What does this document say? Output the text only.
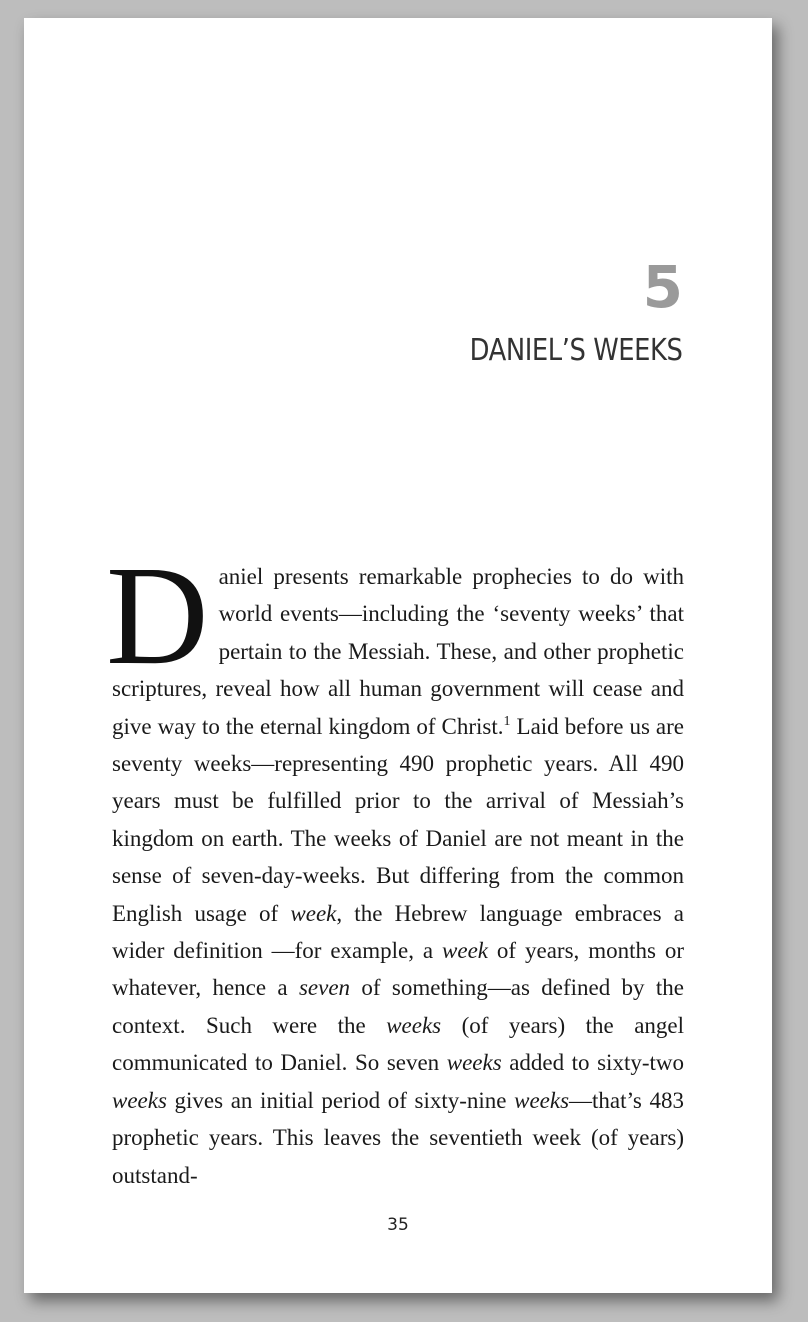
5
DANIEL’S WEEKS

Daniel presents remarkable prophecies to do with world events—including the ‘seventy weeks’ that pertain to the Messiah. These, and other prophetic scriptures, reveal how all human government will cease and give way to the eternal kingdom of Christ.$^1$ Laid before us are seventy weeks—representing 490 prophetic years. All 490 years must be fulfilled prior to the arrival of Messiah’s kingdom on earth. The weeks of Daniel are not meant in the sense of seven-day-weeks. But differing from the common English usage of week, the Hebrew language embraces a wider definition —for example, a week of years, months or whatever, hence a seven of something—as defined by the context. Such were the weeks (of years) the angel communicated to Daniel. So seven weeks added to sixty-two weeks gives an initial period of sixty-nine weeks—that’s 483 prophetic years. This leaves the seventieth week (of years) outstand-

35
